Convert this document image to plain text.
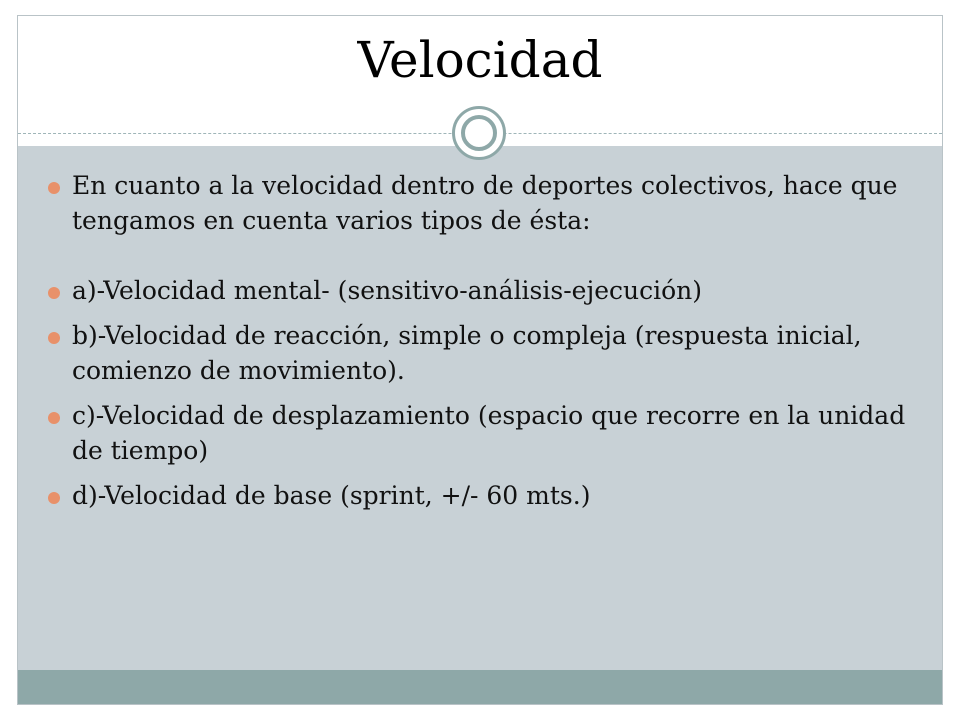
Velocidad
En cuanto a la velocidad dentro de deportes colectivos, hace que tengamos en cuenta varios tipos de ésta:
a)-Velocidad mental- (sensitivo-análisis-ejecución)
b)-Velocidad de reacción, simple o compleja (respuesta inicial, comienzo de movimiento).
c)-Velocidad de desplazamiento (espacio que recorre en la unidad de tiempo)
d)-Velocidad de base (sprint, +/- 60 mts.)
